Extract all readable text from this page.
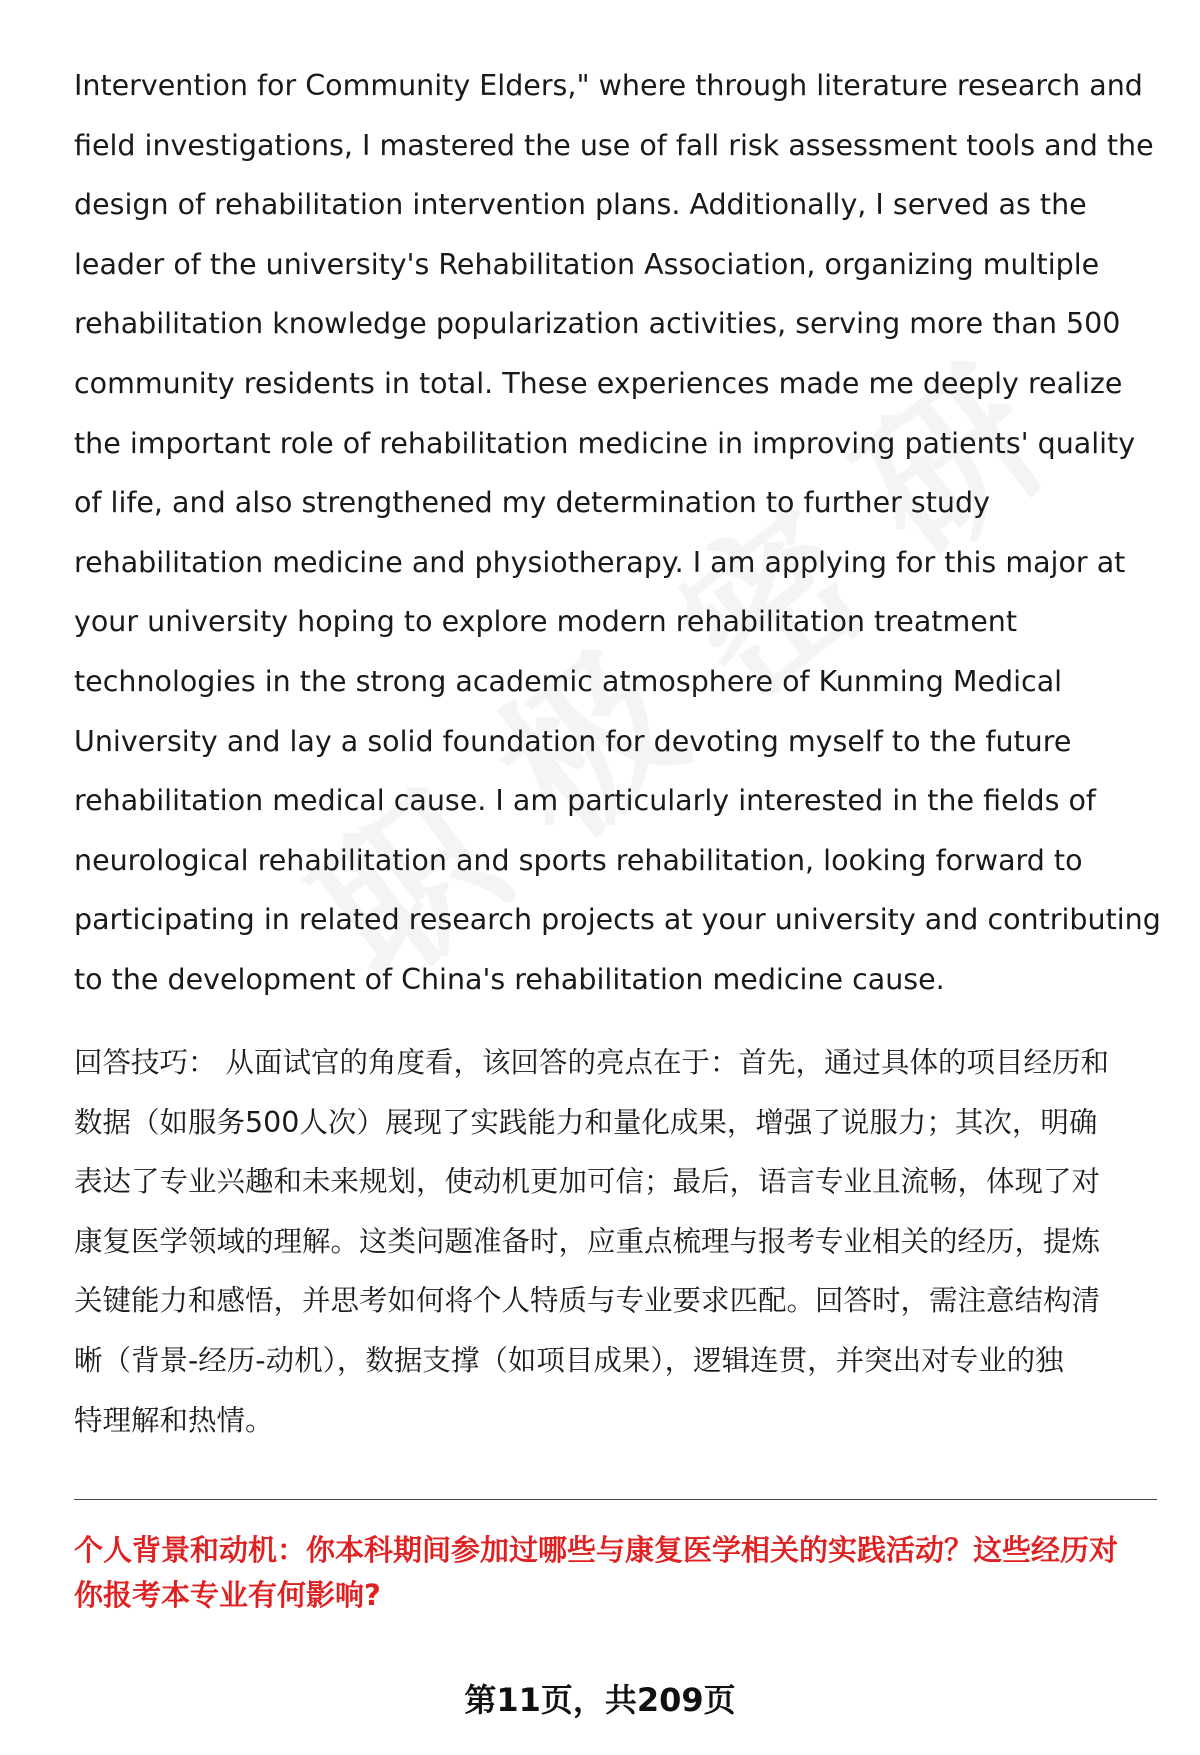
Intervention for Community Elders," where through literature research and
field investigations, I mastered the use of fall risk assessment tools and the
design of rehabilitation intervention plans. Additionally, I served as the
leader of the university's Rehabilitation Association, organizing multiple
rehabilitation knowledge popularization activities, serving more than 500
community residents in total. These experiences made me deeply realize
the important role of rehabilitation medicine in improving patients' quality
of life, and also strengthened my determination to further study
rehabilitation medicine and physiotherapy. I am applying for this major at
your university hoping to explore modern rehabilitation treatment
technologies in the strong academic atmosphere of Kunming Medical
University and lay a solid foundation for devoting myself to the future
rehabilitation medical cause. I am particularly interested in the fields of
neurological rehabilitation and sports rehabilitation, looking forward to
participating in related research projects at your university and contributing
to the development of China's rehabilitation medicine cause.
回答技巧： 从面试官的角度看，该回答的亮点在于：首先，通过具体的项目经历和
数据（如服务500人次）展现了实践能力和量化成果，增强了说服力；其次，明确
表达了专业兴趣和未来规划，使动机更加可信；最后，语言专业且流畅，体现了对
康复医学领域的理解。这类问题准备时，应重点梳理与报考专业相关的经历，提炼
关键能力和感悟，并思考如何将个人特质与专业要求匹配。回答时，需注意结构清
晰（背景-经历-动机），数据支撑（如项目成果），逻辑连贯，并突出对专业的独
特理解和热情。
个人背景和动机：你本科期间参加过哪些与康复医学相关的实践活动？这些经历对
你报考本专业有何影响?
第11页，共209页
